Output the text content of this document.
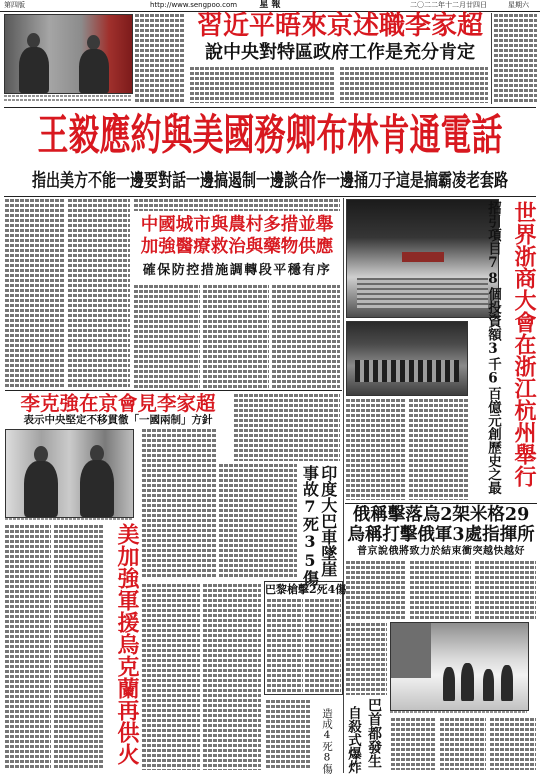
第四版	http://www.sengpoo.com	星 報	二〇二二年十二月廿四日	星期六
習近平晤來京述職李家超
說中央對特區政府工作是充分肯定
王毅應約與美國務卿布林肯通電話
指出美方不能一邊要對話一邊搞遏制一邊談合作一邊捅刀子這是搞霸凌老套路
中國城市與農村多措並舉
加強醫療救治與藥物供應
確保防控措施調轉段平穩有序	招引項目78個投資額3千6百億元創歷史之最 世界浙商大會在浙江杭州舉行
李克強在京會見李家超
表示中央堅定不移貫徹「一國兩制」方針
印度大巴車墜崖
事故7死35傷
美加強軍援烏克蘭再供火	巴黎槍擊2死4傷
俄稱擊落烏2架米格29
烏稱打擊俄軍3處指揮所
普京說俄將致力於結束衝突越快越好
巴首都發生
自殺式爆炸
造成4死8傷
